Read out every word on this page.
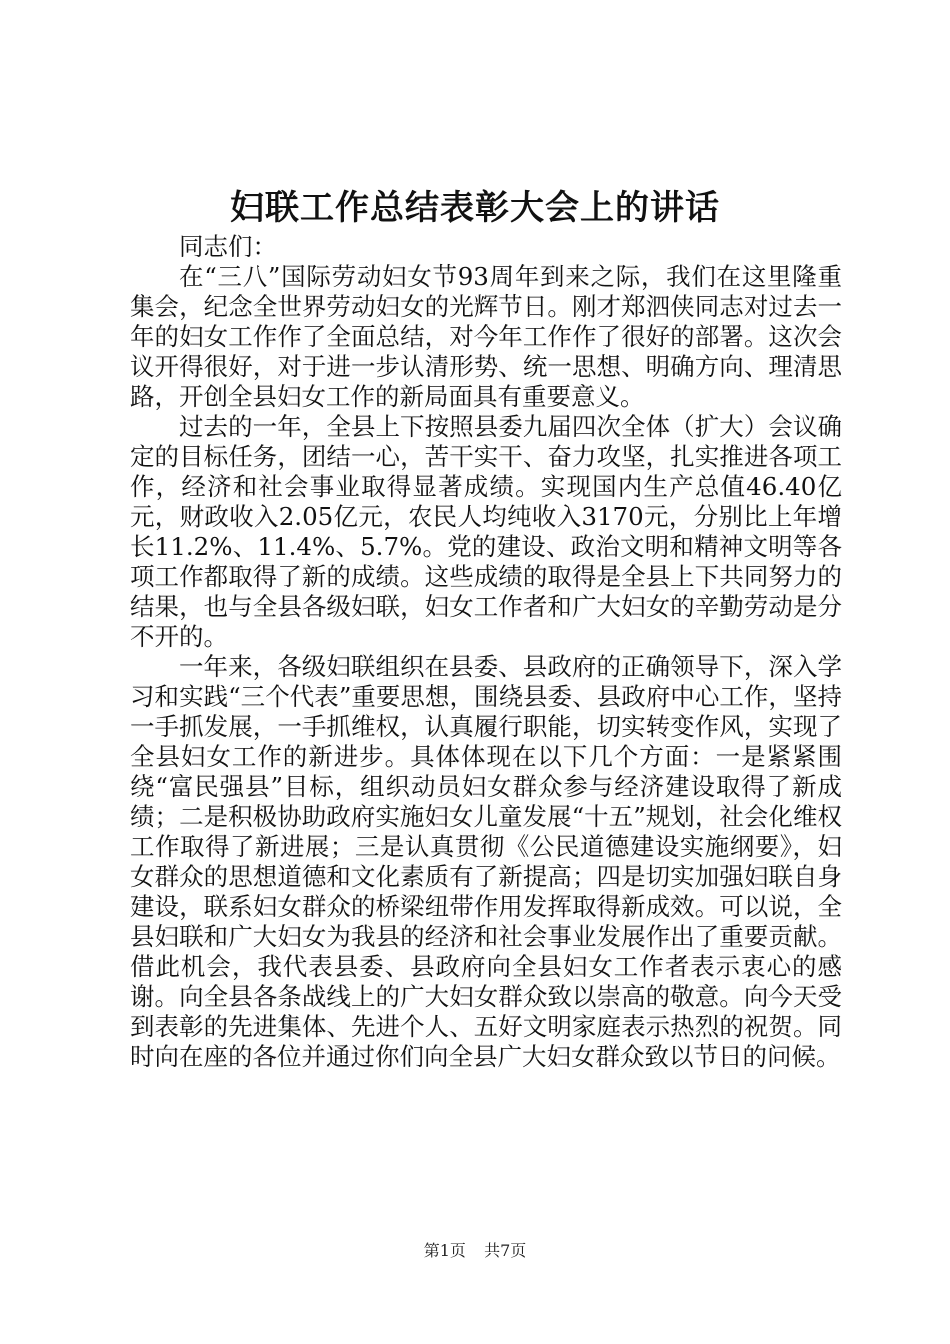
妇联工作总结表彰大会上的讲话

同志们：

在“三八”国际劳动妇女节93周年到来之际，我们在这里隆重集会，纪念全世界劳动妇女的光辉节日。刚才郑泗侠同志对过去一年的妇女工作作了全面总结，对今年工作作了很好的部署。这次会议开得很好，对于进一步认清形势、统一思想、明确方向、理清思路，开创全县妇女工作的新局面具有重要意义。

过去的一年，全县上下按照县委九届四次全体（扩大）会议确定的目标任务，团结一心，苦干实干、奋力攻坚，扎实推进各项工作，经济和社会事业取得显著成绩。实现国内生产总值46.40亿元，财政收入2.05亿元，农民人均纯收入3170元，分别比上年增长11.2%、11.4%、5.7%。党的建设、政治文明和精神文明等各项工作都取得了新的成绩。这些成绩的取得是全县上下共同努力的结果，也与全县各级妇联，妇女工作者和广大妇女的辛勤劳动是分不开的。

一年来，各级妇联组织在县委、县政府的正确领导下，深入学习和实践“三个代表”重要思想，围绕县委、县政府中心工作，坚持一手抓发展，一手抓维权，认真履行职能，切实转变作风，实现了全县妇女工作的新进步。具体体现在以下几个方面：一是紧紧围绕“富民强县”目标，组织动员妇女群众参与经济建设取得了新成绩；二是积极协助政府实施妇女儿童发展“十五”规划，社会化维权工作取得了新进展；三是认真贯彻《公民道德建设实施纲要》，妇女群众的思想道德和文化素质有了新提高；四是切实加强妇联自身建设，联系妇女群众的桥梁纽带作用发挥取得新成效。可以说，全县妇联和广大妇女为我县的经济和社会事业发展作出了重要贡献。借此机会，我代表县委、县政府向全县妇女工作者表示衷心的感谢。向全县各条战线上的广大妇女群众致以崇高的敬意。向今天受到表彰的先进集体、先进个人、五好文明家庭表示热烈的祝贺。同时向在座的各位并通过你们向全县广大妇女群众致以节日的问候。

第1页 共7页
